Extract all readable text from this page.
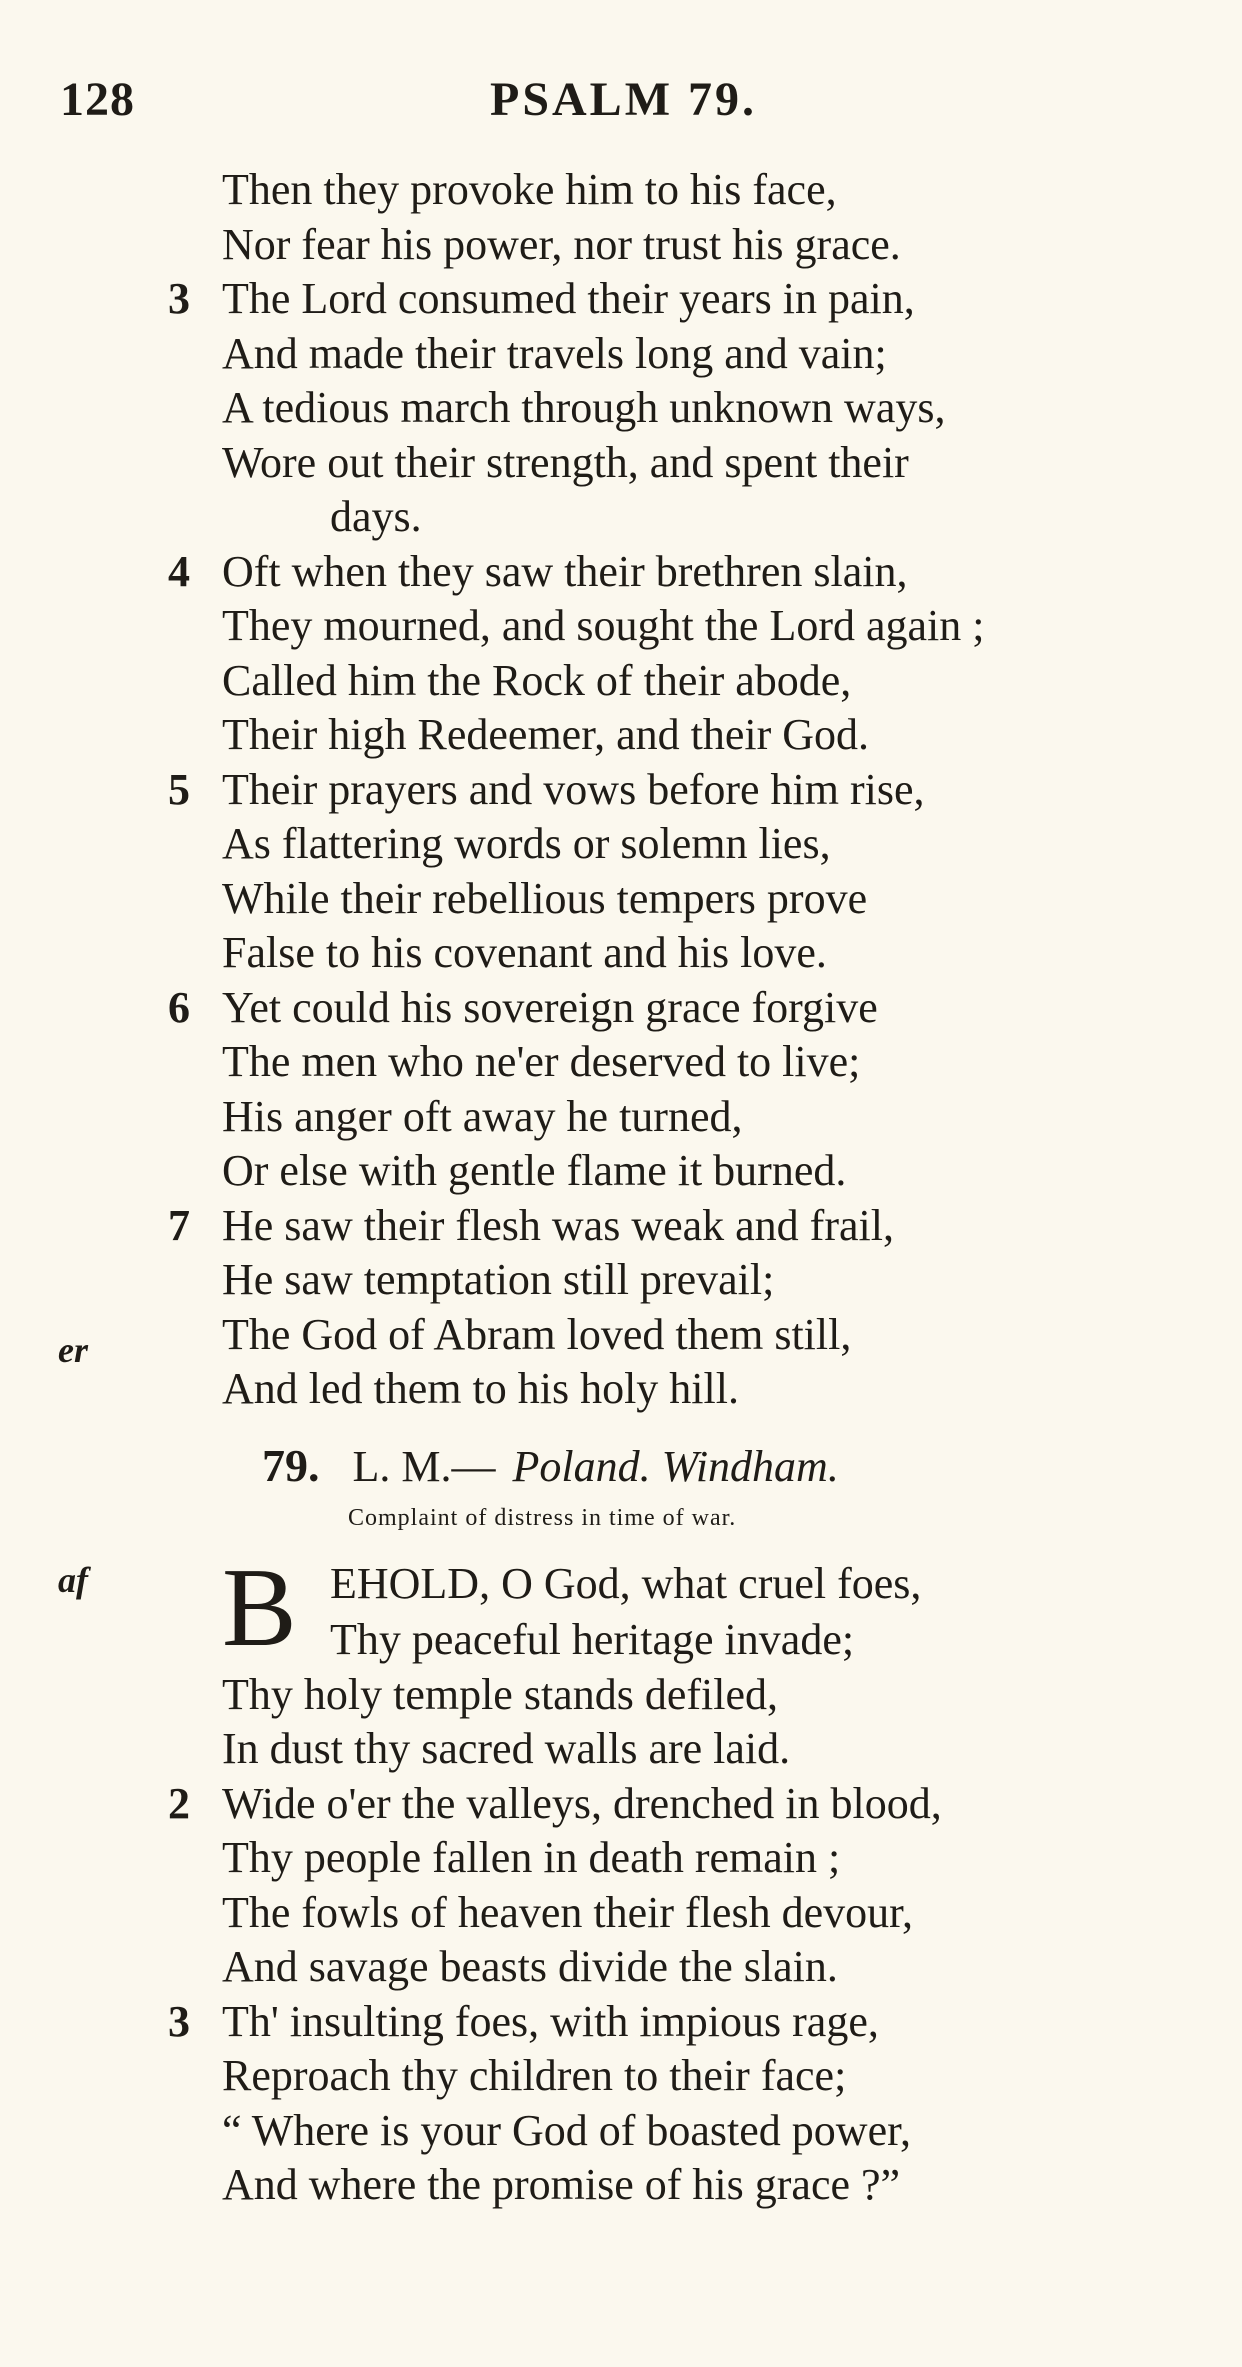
128	PSALM 79.
Then they provoke him to his face,
Nor fear his power, nor trust his grace.
3 The Lord consumed their years in pain,
And made their travels long and vain;
A tedious march through unknown ways,
Wore out their strength, and spent their
days.
4 Oft when they saw their brethren slain,
They mourned, and sought the Lord again ;
Called him the Rock of their abode,
Their high Redeemer, and their God.
5 Their prayers and vows before him rise,
As flattering words or solemn lies,
While their rebellious tempers prove
False to his covenant and his love.
6 Yet could his sovereign grace forgive
The men who ne'er deserved to live;
His anger oft away he turned,
Or else with gentle flame it burned.
7 He saw their flesh was weak and frail,
He saw temptation still prevail;
The God of Abram loved them still,
And led them to his holy hill.
er
af
79. L. M.— Poland. Windham.
Complaint of distress in time of war.
B EHOLD, O God, what cruel foes,
Thy peaceful heritage invade;
Thy holy temple stands defiled,
In dust thy sacred walls are laid.
2 Wide o'er the valleys, drenched in blood,
Thy people fallen in death remain ;
The fowls of heaven their flesh devour,
And savage beasts divide the slain.
3 Th' insulting foes, with impious rage,
Reproach thy children to their face;
“ Where is your God of boasted power,
And where the promise of his grace ?”
